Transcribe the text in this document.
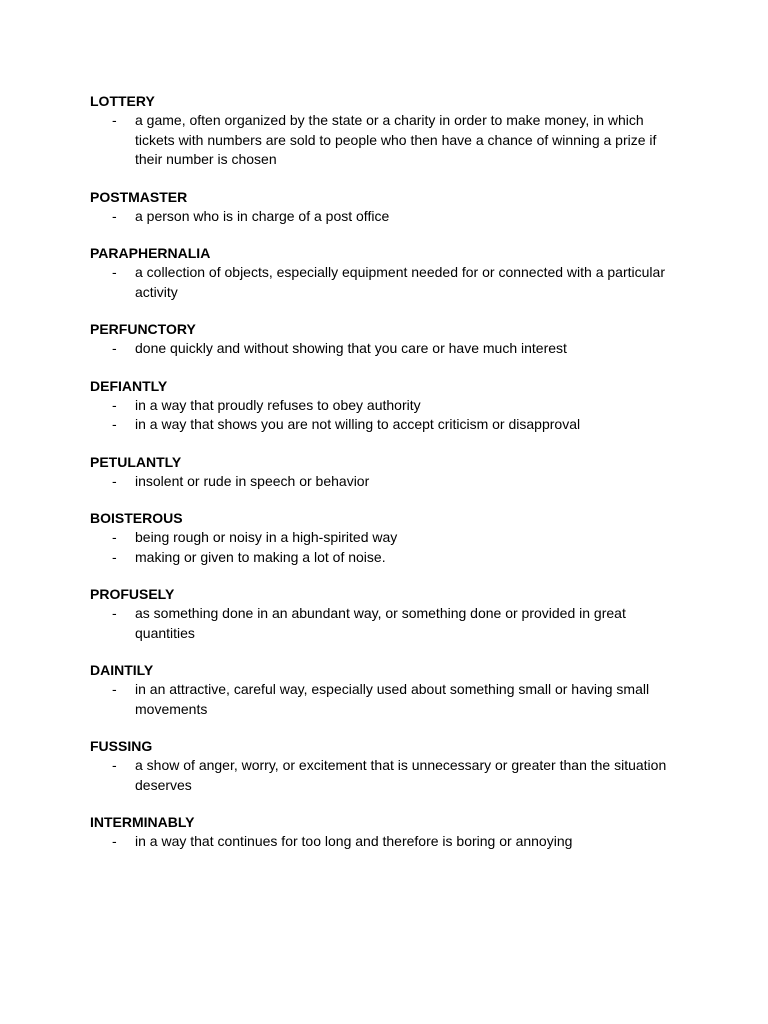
LOTTERY
- a game, often organized by the state or a charity in order to make money, in which tickets with numbers are sold to people who then have a chance of winning a prize if their number is chosen
POSTMASTER
- a person who is in charge of a post office
PARAPHERNALIA
- a collection of objects, especially equipment needed for or connected with a particular activity
PERFUNCTORY
- done quickly and without showing that you care or have much interest
DEFIANTLY
- in a way that proudly refuses to obey authority
- in a way that shows you are not willing to accept criticism or disapproval
PETULANTLY
- insolent or rude in speech or behavior
BOISTEROUS
- being rough or noisy in a high-spirited way
- making or given to making a lot of noise.
PROFUSELY
- as something done in an abundant way, or something done or provided in great quantities
DAINTILY
- in an attractive, careful way, especially used about something small or having small movements
FUSSING
- a show of anger, worry, or excitement that is unnecessary or greater than the situation deserves
INTERMINABLY
- in a way that continues for too long and therefore is boring or annoying
